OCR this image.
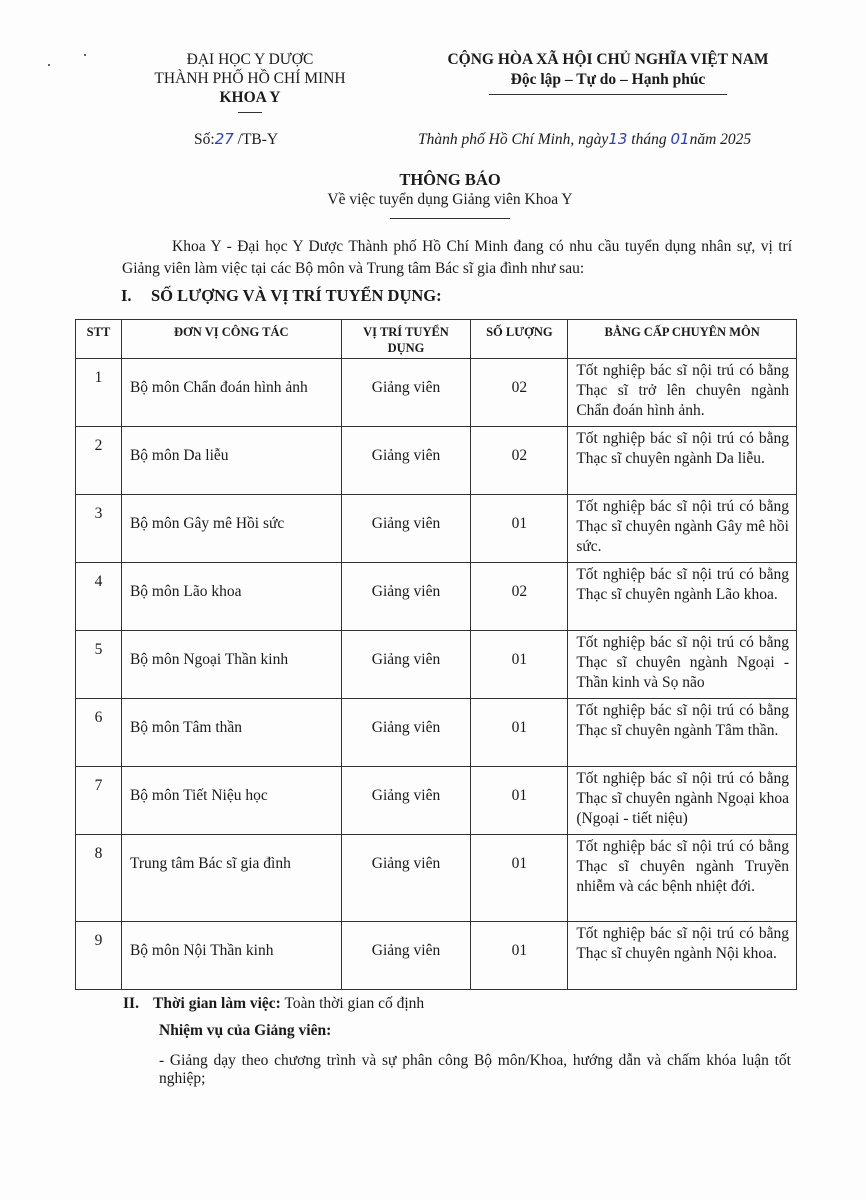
ĐẠI HỌC Y DƯỢC
THÀNH PHỐ HỒ CHÍ MINH
KHOA Y
CỘNG HÒA XÃ HỘI CHỦ NGHĨA VIỆT NAM
Độc lập – Tự do – Hạnh phúc
Số:27 /TB-Y	Thành phố Hồ Chí Minh, ngày13 tháng 01năm 2025
THÔNG BÁO
Về việc tuyển dụng Giảng viên Khoa Y
Khoa Y - Đại học Y Dược Thành phố Hồ Chí Minh đang có nhu cầu tuyển dụng nhân sự, vị trí Giảng viên làm việc tại các Bộ môn và Trung tâm Bác sĩ gia đình như sau:
I. SỐ LƯỢNG VÀ VỊ TRÍ TUYỂN DỤNG:
STT	ĐƠN VỊ CÔNG TÁC	VỊ TRÍ TUYỂN DỤNG	SỐ LƯỢNG	BẰNG CẤP CHUYÊN MÔN
1	Bộ môn Chẩn đoán hình ảnh	Giảng viên	02	Tốt nghiệp bác sĩ nội trú có bằng Thạc sĩ trở lên chuyên ngành Chẩn đoán hình ảnh.
2	Bộ môn Da liễu	Giảng viên	02	Tốt nghiệp bác sĩ nội trú có bằng Thạc sĩ chuyên ngành Da liễu.
3	Bộ môn Gây mê Hồi sức	Giảng viên	01	Tốt nghiệp bác sĩ nội trú có bằng Thạc sĩ chuyên ngành Gây mê hồi sức.
4	Bộ môn Lão khoa	Giảng viên	02	Tốt nghiệp bác sĩ nội trú có bằng Thạc sĩ chuyên ngành Lão khoa.
5	Bộ môn Ngoại Thần kinh	Giảng viên	01	Tốt nghiệp bác sĩ nội trú có bằng Thạc sĩ chuyên ngành Ngoại - Thần kinh và Sọ não
6	Bộ môn Tâm thần	Giảng viên	01	Tốt nghiệp bác sĩ nội trú có bằng Thạc sĩ chuyên ngành Tâm thần.
7	Bộ môn Tiết Niệu học	Giảng viên	01	Tốt nghiệp bác sĩ nội trú có bằng Thạc sĩ chuyên ngành Ngoại khoa (Ngoại - tiết niệu)
8	Trung tâm Bác sĩ gia đình	Giảng viên	01	Tốt nghiệp bác sĩ nội trú có bằng Thạc sĩ chuyên ngành Truyền nhiễm và các bệnh nhiệt đới.
9	Bộ môn Nội Thần kinh	Giảng viên	01	Tốt nghiệp bác sĩ nội trú có bằng Thạc sĩ chuyên ngành Nội khoa.
II. Thời gian làm việc: Toàn thời gian cố định
Nhiệm vụ của Giảng viên:
- Giảng dạy theo chương trình và sự phân công Bộ môn/Khoa, hướng dẫn và chấm khóa luận tốt nghiệp;
